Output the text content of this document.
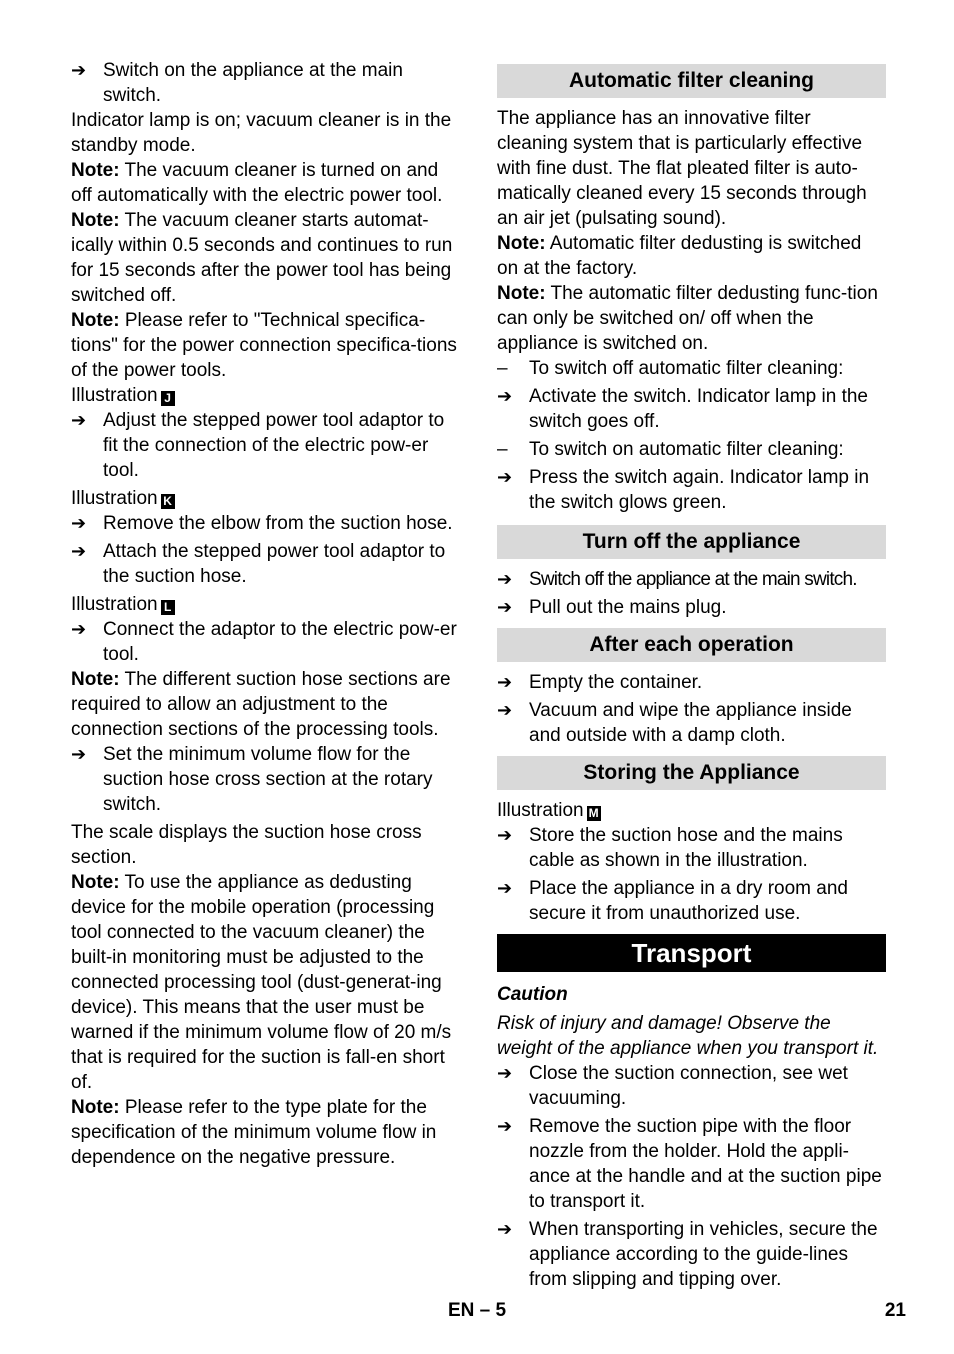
➔ Switch on the appliance at the main switch.

Indicator lamp is on; vacuum cleaner is in the standby mode.

Note: The vacuum cleaner is turned on and off automatically with the electric power tool.

Note: The vacuum cleaner starts automat-ically within 0.5 seconds and continues to run for 15 seconds after the power tool has being switched off.

Note: Please refer to "Technical specifica-tions" for the power connection specifica-tions of the power tools.

Illustration J

➔ Adjust the stepped power tool adaptor to fit the connection of the electric pow-er tool.

Illustration K

➔ Remove the elbow from the suction hose.
➔ Attach the stepped power tool adaptor to the suction hose.

Illustration L

➔ Connect the adaptor to the electric pow-er tool.

Note: The different suction hose sections are required to allow an adjustment to the connection sections of the processing tools.

➔ Set the minimum volume flow for the suction hose cross section at the rotary switch.

The scale displays the suction hose cross section.

Note: To use the appliance as dedusting device for the mobile operation (processing tool connected to the vacuum cleaner) the built-in monitoring must be adjusted to the connected processing tool (dust-generat-ing device). This means that the user must be warned if the minimum volume flow of 20 m/s that is required for the suction is fall-en short of.

Note: Please refer to the type plate for the specification of the minimum volume flow in dependence on the negative pressure.

Automatic filter cleaning

The appliance has an innovative filter cleaning system that is particularly effective with fine dust. The flat pleated filter is auto-matically cleaned every 15 seconds through an air jet (pulsating sound).

Note: Automatic filter dedusting is switched on at the factory.

Note: The automatic filter dedusting func-tion can only be switched on/ off when the appliance is switched on.

–	To switch off automatic filter cleaning:
➔ Activate the switch. Indicator lamp in the switch goes off.
–	To switch on automatic filter cleaning:
➔ Press the switch again. Indicator lamp in the switch glows green.
Turn off the appliance
➔ Switch off the appliance at the main switch.
➔ Pull out the mains plug.
After each operation
➔ Empty the container.
➔ Vacuum and wipe the appliance inside and outside with a damp cloth.
Storing the Appliance

Illustration M

➔ Store the suction hose and the mains cable as shown in the illustration.
➔ Place the appliance in a dry room and secure it from unauthorized use.
Transport

Caution

Risk of injury and damage! Observe the weight of the appliance when you transport it.

➔ Close the suction connection, see wet vacuuming.
➔ Remove the suction pipe with the floor nozzle from the holder. Hold the appli-ance at the handle and at the suction pipe to transport it.
➔ When transporting in vehicles, secure the appliance according to the guide-lines from slipping and tipping over.
EN – 5	21
